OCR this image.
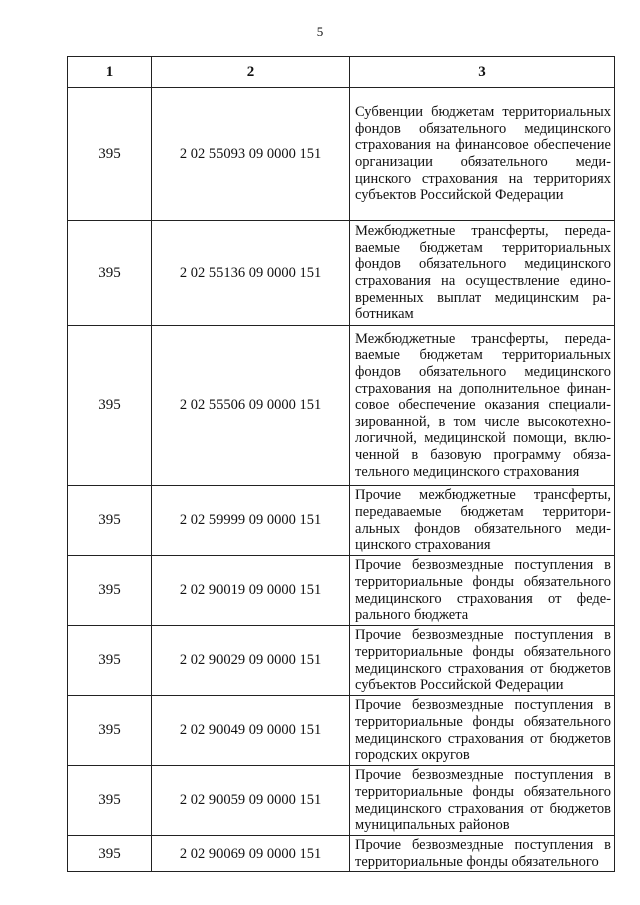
5
1	2	3
395	2 02 55093 09 0000 151	Субвенции бюджетам территориальных фондов обязательного медицинского страхования на финансовое обеспечение организации обязательного медицинского страхования на территориях субъектов Российской Федерации

395	2 02 55136 09 0000 151	Межбюджетные трансферты, передаваемые бюджетам территориальных фондов обязательного медицинского страхования на осуществление единовременных выплат медицинским работникам

395	2 02 55506 09 0000 151	Межбюджетные трансферты, передаваемые бюджетам территориальных фондов обязательного медицинского страхования на дополнительное финансовое обеспечение оказания специализированной, в том числе высокотехнологичной, медицинской помощи, включенной в базовую программу обязательного медицинского страхования

395	2 02 59999 09 0000 151	Прочие межбюджетные трансферты, передаваемые бюджетам территориальных фондов обязательного медицинского страхования

395	2 02 90019 09 0000 151	Прочие безвозмездные поступления в территориальные фонды обязательного медицинского страхования от федерального бюджета

395	2 02 90029 09 0000 151	Прочие безвозмездные поступления в территориальные фонды обязательного медицинского страхования от бюджетов субъектов Российской Федерации

395	2 02 90049 09 0000 151	Прочие безвозмездные поступления в территориальные фонды обязательного медицинского страхования от бюджетов городских округов

395	2 02 90059 09 0000 151	Прочие безвозмездные поступления в территориальные фонды обязательного медицинского страхования от бюджетов муниципальных районов

395	2 02 90069 09 0000 151	Прочие безвозмездные поступления в территориальные фонды обязательного
